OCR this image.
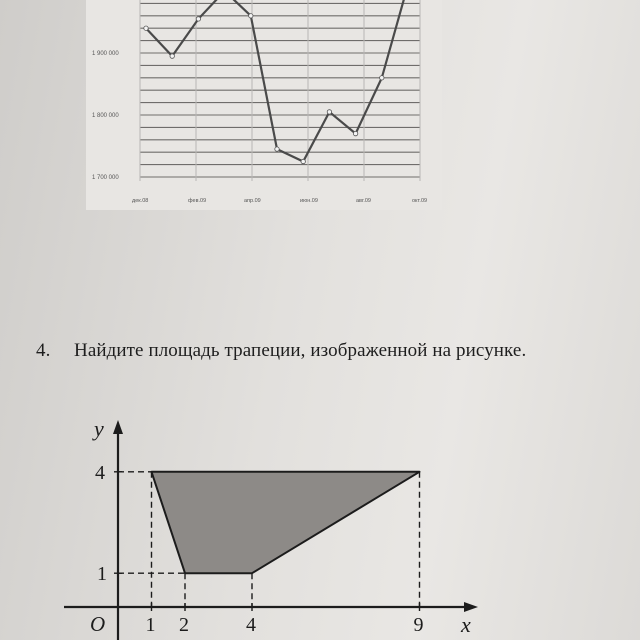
1 900 000
1 800 000
1 700 000
дек.08	фев.09	апр.09	июн.09	авг.09	окт.09
4. Найдите площадь трапеции, изображенной на рисунке.
y
x
O 1 2	4	9
4
1
